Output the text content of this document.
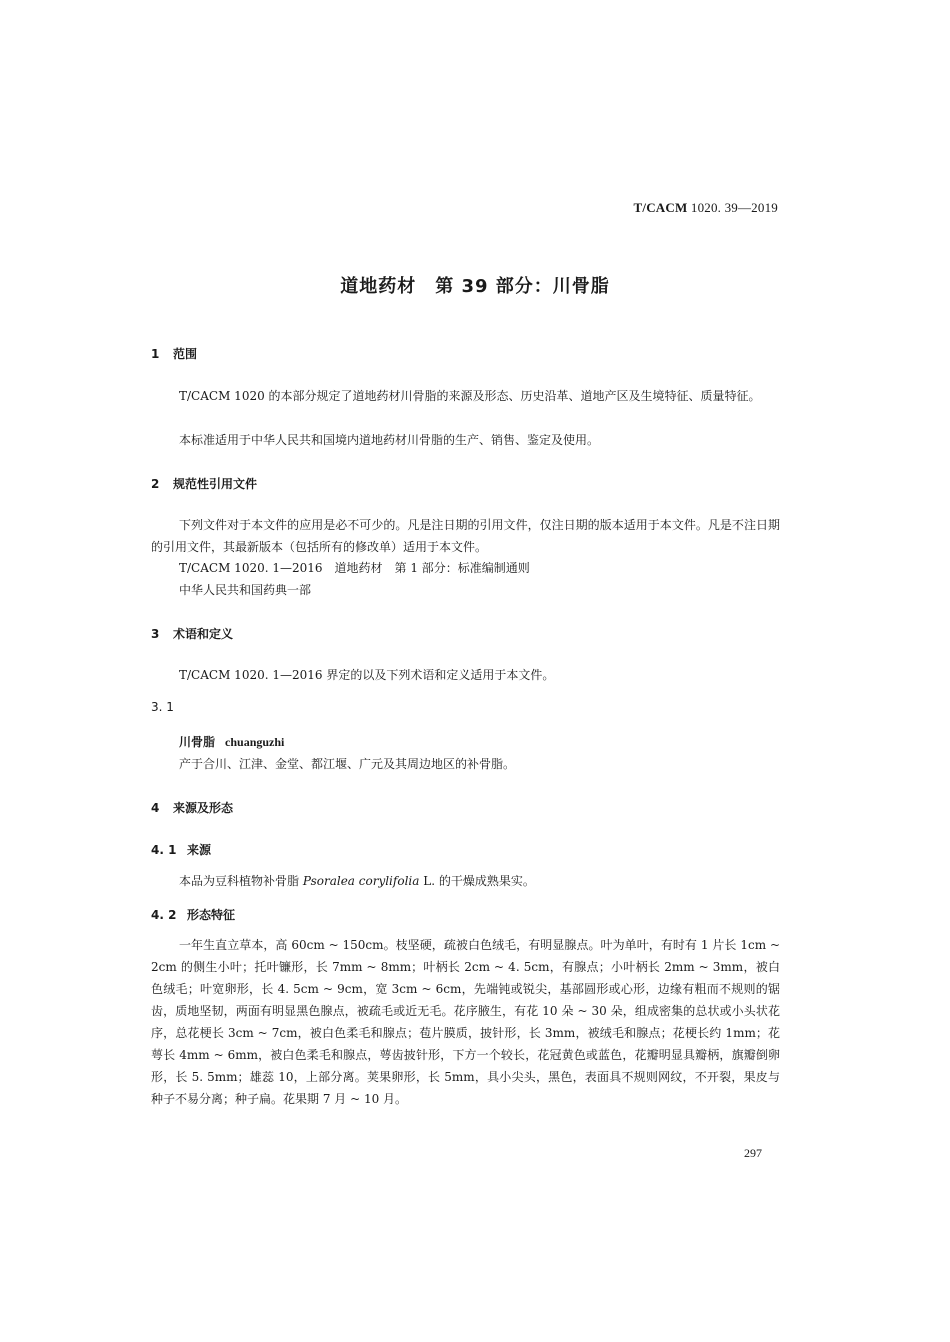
T/CACM 1020. 39—2019
道地药材　第 39 部分：川骨脂
1 范围
T/CACM 1020 的本部分规定了道地药材川骨脂的来源及形态、历史沿革、道地产区及生境特征、质量特征。
本标准适用于中华人民共和国境内道地药材川骨脂的生产、销售、鉴定及使用。
2 规范性引用文件
下列文件对于本文件的应用是必不可少的。凡是注日期的引用文件，仅注日期的版本适用于本文件。凡是不注日期的引用文件，其最新版本（包括所有的修改单）适用于本文件。
T/CACM 1020. 1—2016　道地药材　第 1 部分：标准编制通则
中华人民共和国药典一部
3 术语和定义
T/CACM 1020. 1—2016 界定的以及下列术语和定义适用于本文件。
3. 1
川骨脂 chuanguzhi
产于合川、江津、金堂、都江堰、广元及其周边地区的补骨脂。
4 来源及形态
4. 1 来源
本品为豆科植物补骨脂 Psoralea corylifolia L. 的干燥成熟果实。
4. 2 形态特征
一年生直立草本，高 60cm ~ 150cm。枝坚硬，疏被白色绒毛，有明显腺点。叶为单叶，有时有 1 片长 1cm ~ 2cm 的侧生小叶；托叶镰形，长 7mm ~ 8mm；叶柄长 2cm ~ 4. 5cm，有腺点；小叶柄长 2mm ~ 3mm，被白色绒毛；叶宽卵形，长 4. 5cm ~ 9cm，宽 3cm ~ 6cm，先端钝或锐尖，基部圆形或心形，边缘有粗而不规则的锯齿，质地坚韧，两面有明显黑色腺点，被疏毛或近无毛。花序腋生，有花 10 朵 ~ 30 朵，组成密集的总状或小头状花序，总花梗长 3cm ~ 7cm，被白色柔毛和腺点；苞片膜质，披针形，长 3mm，被绒毛和腺点；花梗长约 1mm；花萼长 4mm ~ 6mm，被白色柔毛和腺点，萼齿披针形，下方一个较长，花冠黄色或蓝色，花瓣明显具瓣柄，旗瓣倒卵形，长 5. 5mm；雄蕊 10，上部分离。荚果卵形，长 5mm，具小尖头，黑色，表面具不规则网纹，不开裂，果皮与种子不易分离；种子扁。花果期 7 月 ~ 10 月。
297
